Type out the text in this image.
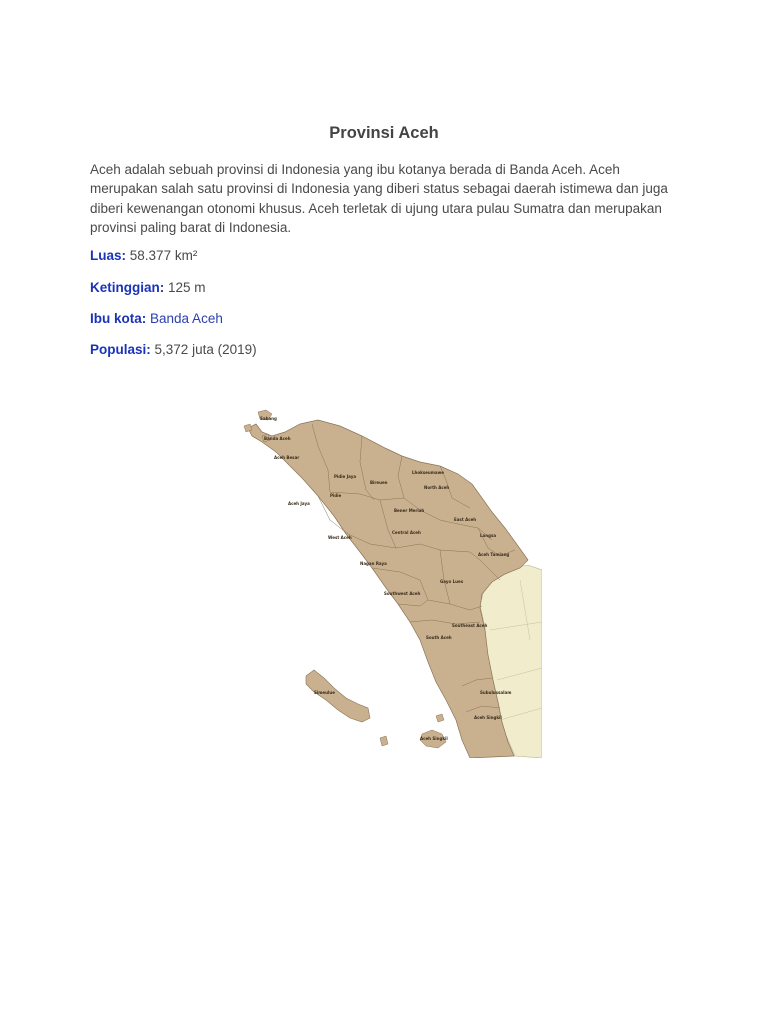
Provinsi Aceh
Aceh adalah sebuah provinsi di Indonesia yang ibu kotanya berada di Banda Aceh. Aceh merupakan salah satu provinsi di Indonesia yang diberi status sebagai daerah istimewa dan juga diberi kewenangan otonomi khusus. Aceh terletak di ujung utara pulau Sumatra dan merupakan provinsi paling barat di Indonesia.
Luas: 58.377 km²
Ketinggian: 125 m
Ibu kota: Banda Aceh
Populasi: 5,372 juta (2019)
Sabang
Banda Aceh
Aceh Besar
Pidie Jaya
Lhokseumawe
Bireuen
North Aceh
Pidie
Aceh Jaya
Bener Meriah
East Aceh
West Aceh
Central Aceh
Langsa
Aceh Tamiang
Nagan Raya
Gayo Lues
Southwest Aceh
Southeast Aceh
South Aceh
Simeulue	Subulussalam
Aceh Singkil
Aceh Singkil
